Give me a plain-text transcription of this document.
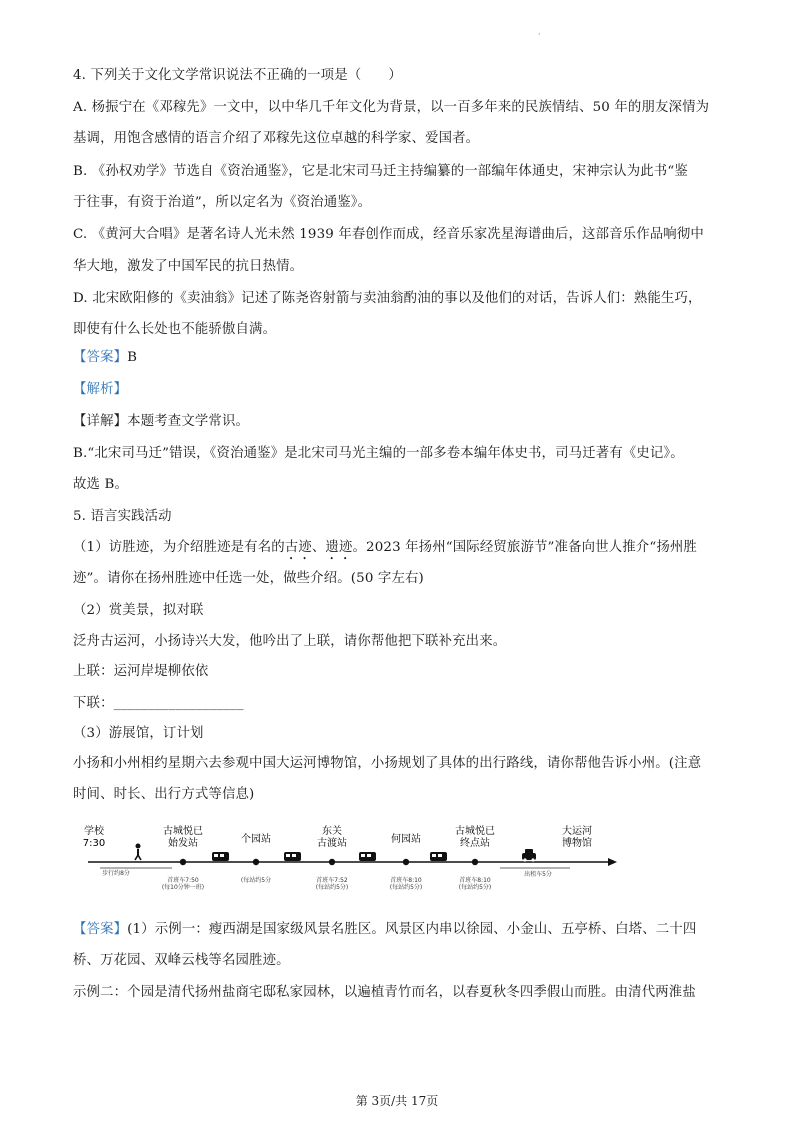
·
4. 下列关于文化文学常识说法不正确的一项是（　　）
A. 杨振宁在《邓稼先》一文中，以中华几千年文化为背景，以一百多年来的民族情结、50 年的朋友深情为
基调，用饱含感情的语言介绍了邓稼先这位卓越的科学家、爱国者。
B. 《孙权劝学》节选自《资治通鉴》，它是北宋司马迁主持编纂的一部编年体通史，宋神宗认为此书“鉴
于往事，有资于治道”，所以定名为《资治通鉴》。
C. 《黄河大合唱》是著名诗人光未然 1939 年春创作而成，经音乐家冼星海谱曲后，这部音乐作品响彻中
华大地，激发了中国军民的抗日热情。
D. 北宋欧阳修的《卖油翁》记述了陈尧咨射箭与卖油翁酌油的事以及他们的对话，告诉人们：熟能生巧，
即使有什么长处也不能骄傲自满。
【答案】B
【解析】
【详解】本题考查文学常识。
B.“北宋司马迁”错误，《资治通鉴》是北宋司马光主编的一部多卷本编年体史书，司马迁著有《史记》。
故选 B。
5. 语言实践活动
（1）访胜迹，为介绍胜迹是有名的古迹、遗迹。2023 年扬州“国际经贸旅游节”准备向世人推介“扬州胜
迹”。请你在扬州胜迹中任选一处，做些介绍。(50 字左右)
（2）赏美景，拟对联
泛舟古运河，小扬诗兴大发，他吟出了上联，请你帮他把下联补充出来。
上联：运河岸堤柳依依
下联：___________________
（3）游展馆，订计划
小扬和小州相约星期六去参观中国大运河博物馆，小扬规划了具体的出行路线，请你帮他告诉小州。(注意
时间、时长、出行方式等信息)
学校
7:30
古城悦已
始发站	个园站
东关
古渡站	何园站
古城悦已
终点站
大运河
博物馆
步行约8分
首班车7:50
(每10分钟一班)
(每站约5分	首班车7:52
(每站约5分)
首班车8:10
(每站约5分)
首班车8:10
(每站约5分)
出租车5分
【答案】(1）示例一：瘦西湖是国家级风景名胜区。风景区内串以徐园、小金山、五亭桥、白塔、二十四
桥、万花园、双峰云栈等名园胜迹。
示例二：个园是清代扬州盐商宅邸私家园林，以遍植青竹而名，以春夏秋冬四季假山而胜。由清代两淮盐
第 3页/共 17页
